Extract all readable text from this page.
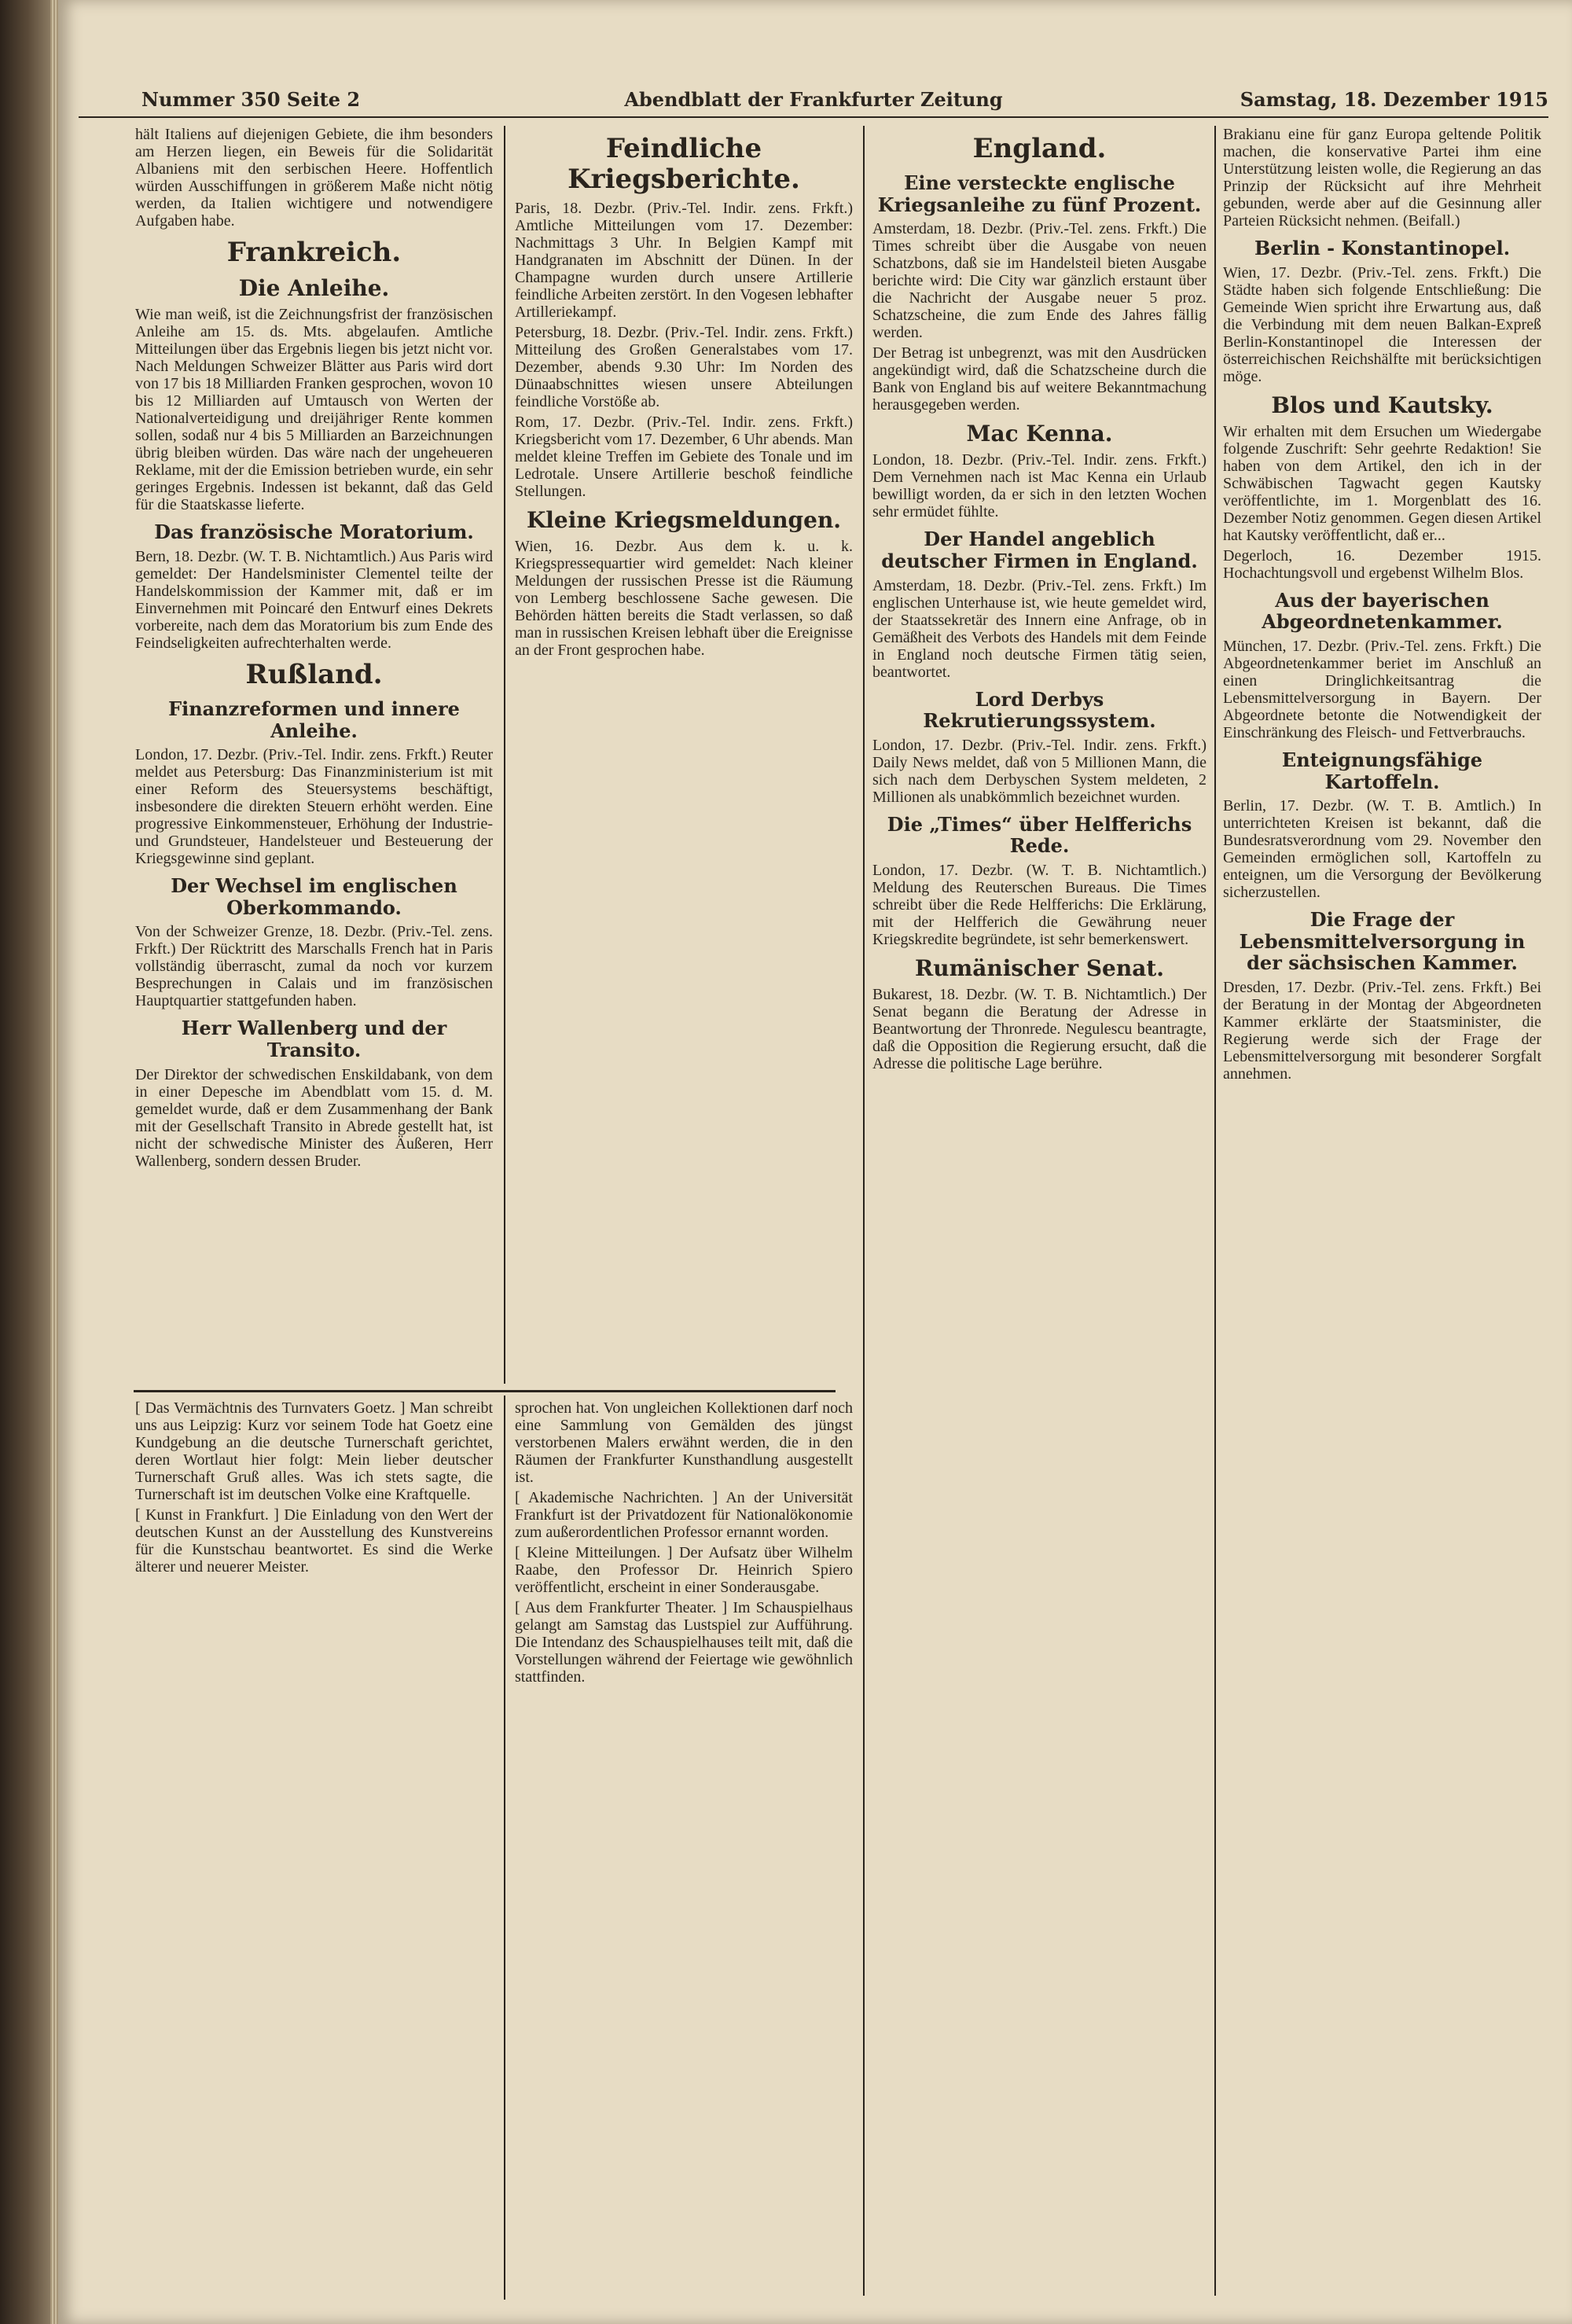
Nummer 350 Seite 2	Abendblatt der Frankfurter Zeitung	Samstag, 18. Dezember 1915

hält Italiens auf diejenigen Gebiete, die ihm besonders am Herzen liegen, ein Beweis für die Solidarität Albaniens mit den serbischen Heere. Hoffentlich würden Ausschiffungen in größerem Maße nicht nötig werden, da Italien wichtigere und notwendigere Aufgaben habe.

Frankreich.
Die Anleihe.

Wie man weiß, ist die Zeichnungsfrist der französischen Anleihe am 15. ds. Mts. abgelaufen. Amtliche Mitteilungen über das Ergebnis liegen bis jetzt nicht vor. Nach Meldungen Schweizer Blätter aus Paris wird dort von 17 bis 18 Milliarden Franken gesprochen, wovon 10 bis 12 Milliarden auf Umtausch von Werten der Nationalverteidigung und dreijähriger Rente kommen sollen, sodaß nur 4 bis 5 Milliarden an Barzeichnungen übrig bleiben würden. Das wäre nach der ungeheueren Reklame, mit der die Emission betrieben wurde, ein sehr geringes Ergebnis. Indessen ist bekannt, daß das Geld für die Staatskasse lieferte.

Das französische Moratorium.

Bern, 18. Dezbr. (W. T. B. Nichtamtlich.) Aus Paris wird gemeldet: Der Handelsminister Clementel teilte der Handelskommission der Kammer mit, daß er im Einvernehmen mit Poincaré den Entwurf eines Dekrets vorbereite, nach dem das Moratorium bis zum Ende des Feindseligkeiten aufrechterhalten werde.

Rußland.
Finanzreformen und innere Anleihe.

London, 17. Dezbr. (Priv.-Tel. Indir. zens. Frkft.) Reuter meldet aus Petersburg: Das Finanzministerium ist mit einer Reform des Steuersystems beschäftigt, insbesondere die direkten Steuern erhöht werden. Eine progressive Einkommensteuer, Erhöhung der Industrie- und Grundsteuer, Handelsteuer und Besteuerung der Kriegsgewinne sind geplant.

Der Wechsel im englischen Oberkommando.

Von der Schweizer Grenze, 18. Dezbr. (Priv.-Tel. zens. Frkft.) Der Rücktritt des Marschalls French hat in Paris vollständig überrascht, zumal da noch vor kurzem Besprechungen in Calais und im französischen Hauptquartier stattgefunden haben.

Herr Wallenberg und der Transito.

Der Direktor der schwedischen Enskildabank, von dem in einer Depesche im Abendblatt vom 15. d. M. gemeldet wurde, daß er dem Zusammenhang der Bank mit der Gesellschaft Transito in Abrede gestellt hat, ist nicht der schwedische Minister des Äußeren, Herr Wallenberg, sondern dessen Bruder.

Feindliche Kriegsberichte.

Paris, 18. Dezbr. (Priv.-Tel. Indir. zens. Frkft.) Amtliche Mitteilungen vom 17. Dezember: Nachmittags 3 Uhr. In Belgien Kampf mit Handgranaten im Abschnitt der Dünen. In der Champagne wurden durch unsere Artillerie feindliche Arbeiten zerstört. In den Vogesen lebhafter Artilleriekampf.

Petersburg, 18. Dezbr. (Priv.-Tel. Indir. zens. Frkft.) Mitteilung des Großen Generalstabes vom 17. Dezember, abends 9.30 Uhr: Im Norden des Dünaabschnittes wiesen unsere Abteilungen feindliche Vorstöße ab.

Rom, 17. Dezbr. (Priv.-Tel. Indir. zens. Frkft.) Kriegsbericht vom 17. Dezember, 6 Uhr abends. Man meldet kleine Treffen im Gebiete des Tonale und im Ledrotale. Unsere Artillerie beschoß feindliche Stellungen.

Kleine Kriegsmeldungen.

Wien, 16. Dezbr. Aus dem k. u. k. Kriegspressequartier wird gemeldet: Nach kleiner Meldungen der russischen Presse ist die Räumung von Lemberg beschlossene Sache gewesen. Die Behörden hätten bereits die Stadt verlassen, so daß man in russischen Kreisen lebhaft über die Ereignisse an der Front gesprochen habe.

England.
Eine versteckte englische Kriegsanleihe zu fünf Prozent.

Amsterdam, 18. Dezbr. (Priv.-Tel. zens. Frkft.) Die Times schreibt über die Ausgabe von neuen Schatzbons, daß sie im Handelsteil bieten Ausgabe berichte wird: Die City war gänzlich erstaunt über die Nachricht der Ausgabe neuer 5 proz. Schatzscheine, die zum Ende des Jahres fällig werden.

Der Betrag ist unbegrenzt, was mit den Ausdrücken angekündigt wird, daß die Schatzscheine durch die Bank von England bis auf weitere Bekanntmachung herausgegeben werden.

Mac Kenna.

London, 18. Dezbr. (Priv.-Tel. Indir. zens. Frkft.) Dem Vernehmen nach ist Mac Kenna ein Urlaub bewilligt worden, da er sich in den letzten Wochen sehr ermüdet fühlte.

Der Handel angeblich deutscher Firmen in England.

Amsterdam, 18. Dezbr. (Priv.-Tel. zens. Frkft.) Im englischen Unterhause ist, wie heute gemeldet wird, der Staatssekretär des Innern eine Anfrage, ob in Gemäßheit des Verbots des Handels mit dem Feinde in England noch deutsche Firmen tätig seien, beantwortet.

Lord Derbys Rekrutierungssystem.

London, 17. Dezbr. (Priv.-Tel. Indir. zens. Frkft.) Daily News meldet, daß von 5 Millionen Mann, die sich nach dem Derbyschen System meldeten, 2 Millionen als unabkömmlich bezeichnet wurden.

Die „Times“ über Helfferichs Rede.

London, 17. Dezbr. (W. T. B. Nichtamtlich.) Meldung des Reuterschen Bureaus. Die Times schreibt über die Rede Helfferichs: Die Erklärung, mit der Helfferich die Gewährung neuer Kriegskredite begründete, ist sehr bemerkenswert.

Rumänischer Senat.

Bukarest, 18. Dezbr. (W. T. B. Nichtamtlich.) Der Senat begann die Beratung der Adresse in Beantwortung der Thronrede. Negulescu beantragte, daß die Opposition die Regierung ersucht, daß die Adresse die politische Lage berühre.

Brakianu eine für ganz Europa geltende Politik machen, die konservative Partei ihm eine Unterstützung leisten wolle, die Regierung an das Prinzip der Rücksicht auf ihre Mehrheit gebunden, werde aber auf die Gesinnung aller Parteien Rücksicht nehmen. (Beifall.)

Berlin - Konstantinopel.

Wien, 17. Dezbr. (Priv.-Tel. zens. Frkft.) Die Städte haben sich folgende Entschließung: Die Gemeinde Wien spricht ihre Erwartung aus, daß die Verbindung mit dem neuen Balkan-Expreß Berlin-Konstantinopel die Interessen der österreichischen Reichshälfte mit berücksichtigen möge.

Blos und Kautsky.

Wir erhalten mit dem Ersuchen um Wiedergabe folgende Zuschrift: Sehr geehrte Redaktion! Sie haben von dem Artikel, den ich in der Schwäbischen Tagwacht gegen Kautsky veröffentlichte, im 1. Morgenblatt des 16. Dezember Notiz genommen. Gegen diesen Artikel hat Kautsky veröffentlicht, daß er...

Degerloch, 16. Dezember 1915. Hochachtungsvoll und ergebenst Wilhelm Blos.

Aus der bayerischen Abgeordnetenkammer.

München, 17. Dezbr. (Priv.-Tel. zens. Frkft.) Die Abgeordnetenkammer beriet im Anschluß an einen Dringlichkeitsantrag die Lebensmittelversorgung in Bayern. Der Abgeordnete betonte die Notwendigkeit der Einschränkung des Fleisch- und Fettverbrauchs.

Enteignungsfähige Kartoffeln.

Berlin, 17. Dezbr. (W. T. B. Amtlich.) In unterrichteten Kreisen ist bekannt, daß die Bundesratsverordnung vom 29. November den Gemeinden ermöglichen soll, Kartoffeln zu enteignen, um die Versorgung der Bevölkerung sicherzustellen.

Die Frage der Lebensmittelversorgung in der sächsischen Kammer.

Dresden, 17. Dezbr. (Priv.-Tel. zens. Frkft.) Bei der Beratung in der Montag der Abgeordneten Kammer erklärte der Staatsminister, die Regierung werde sich der Frage der Lebensmittelversorgung mit besonderer Sorgfalt annehmen.

[ Das Vermächtnis des Turnvaters Goetz. ] Man schreibt uns aus Leipzig: Kurz vor seinem Tode hat Goetz eine Kundgebung an die deutsche Turnerschaft gerichtet, deren Wortlaut hier folgt: Mein lieber deutscher Turnerschaft Gruß alles. Was ich stets sagte, die Turnerschaft ist im deutschen Volke eine Kraftquelle.

[ Kunst in Frankfurt. ] Die Einladung von den Wert der deutschen Kunst an der Ausstellung des Kunstvereins für die Kunstschau beantwortet. Es sind die Werke älterer und neuerer Meister.

sprochen hat. Von ungleichen Kollektionen darf noch eine Sammlung von Gemälden des jüngst verstorbenen Malers erwähnt werden, die in den Räumen der Frankfurter Kunsthandlung ausgestellt ist.

[ Akademische Nachrichten. ] An der Universität Frankfurt ist der Privatdozent für Nationalökonomie zum außerordentlichen Professor ernannt worden.

[ Kleine Mitteilungen. ] Der Aufsatz über Wilhelm Raabe, den Professor Dr. Heinrich Spiero veröffentlicht, erscheint in einer Sonderausgabe.

[ Aus dem Frankfurter Theater. ] Im Schauspielhaus gelangt am Samstag das Lustspiel zur Aufführung. Die Intendanz des Schauspielhauses teilt mit, daß die Vorstellungen während der Feiertage wie gewöhnlich stattfinden.
